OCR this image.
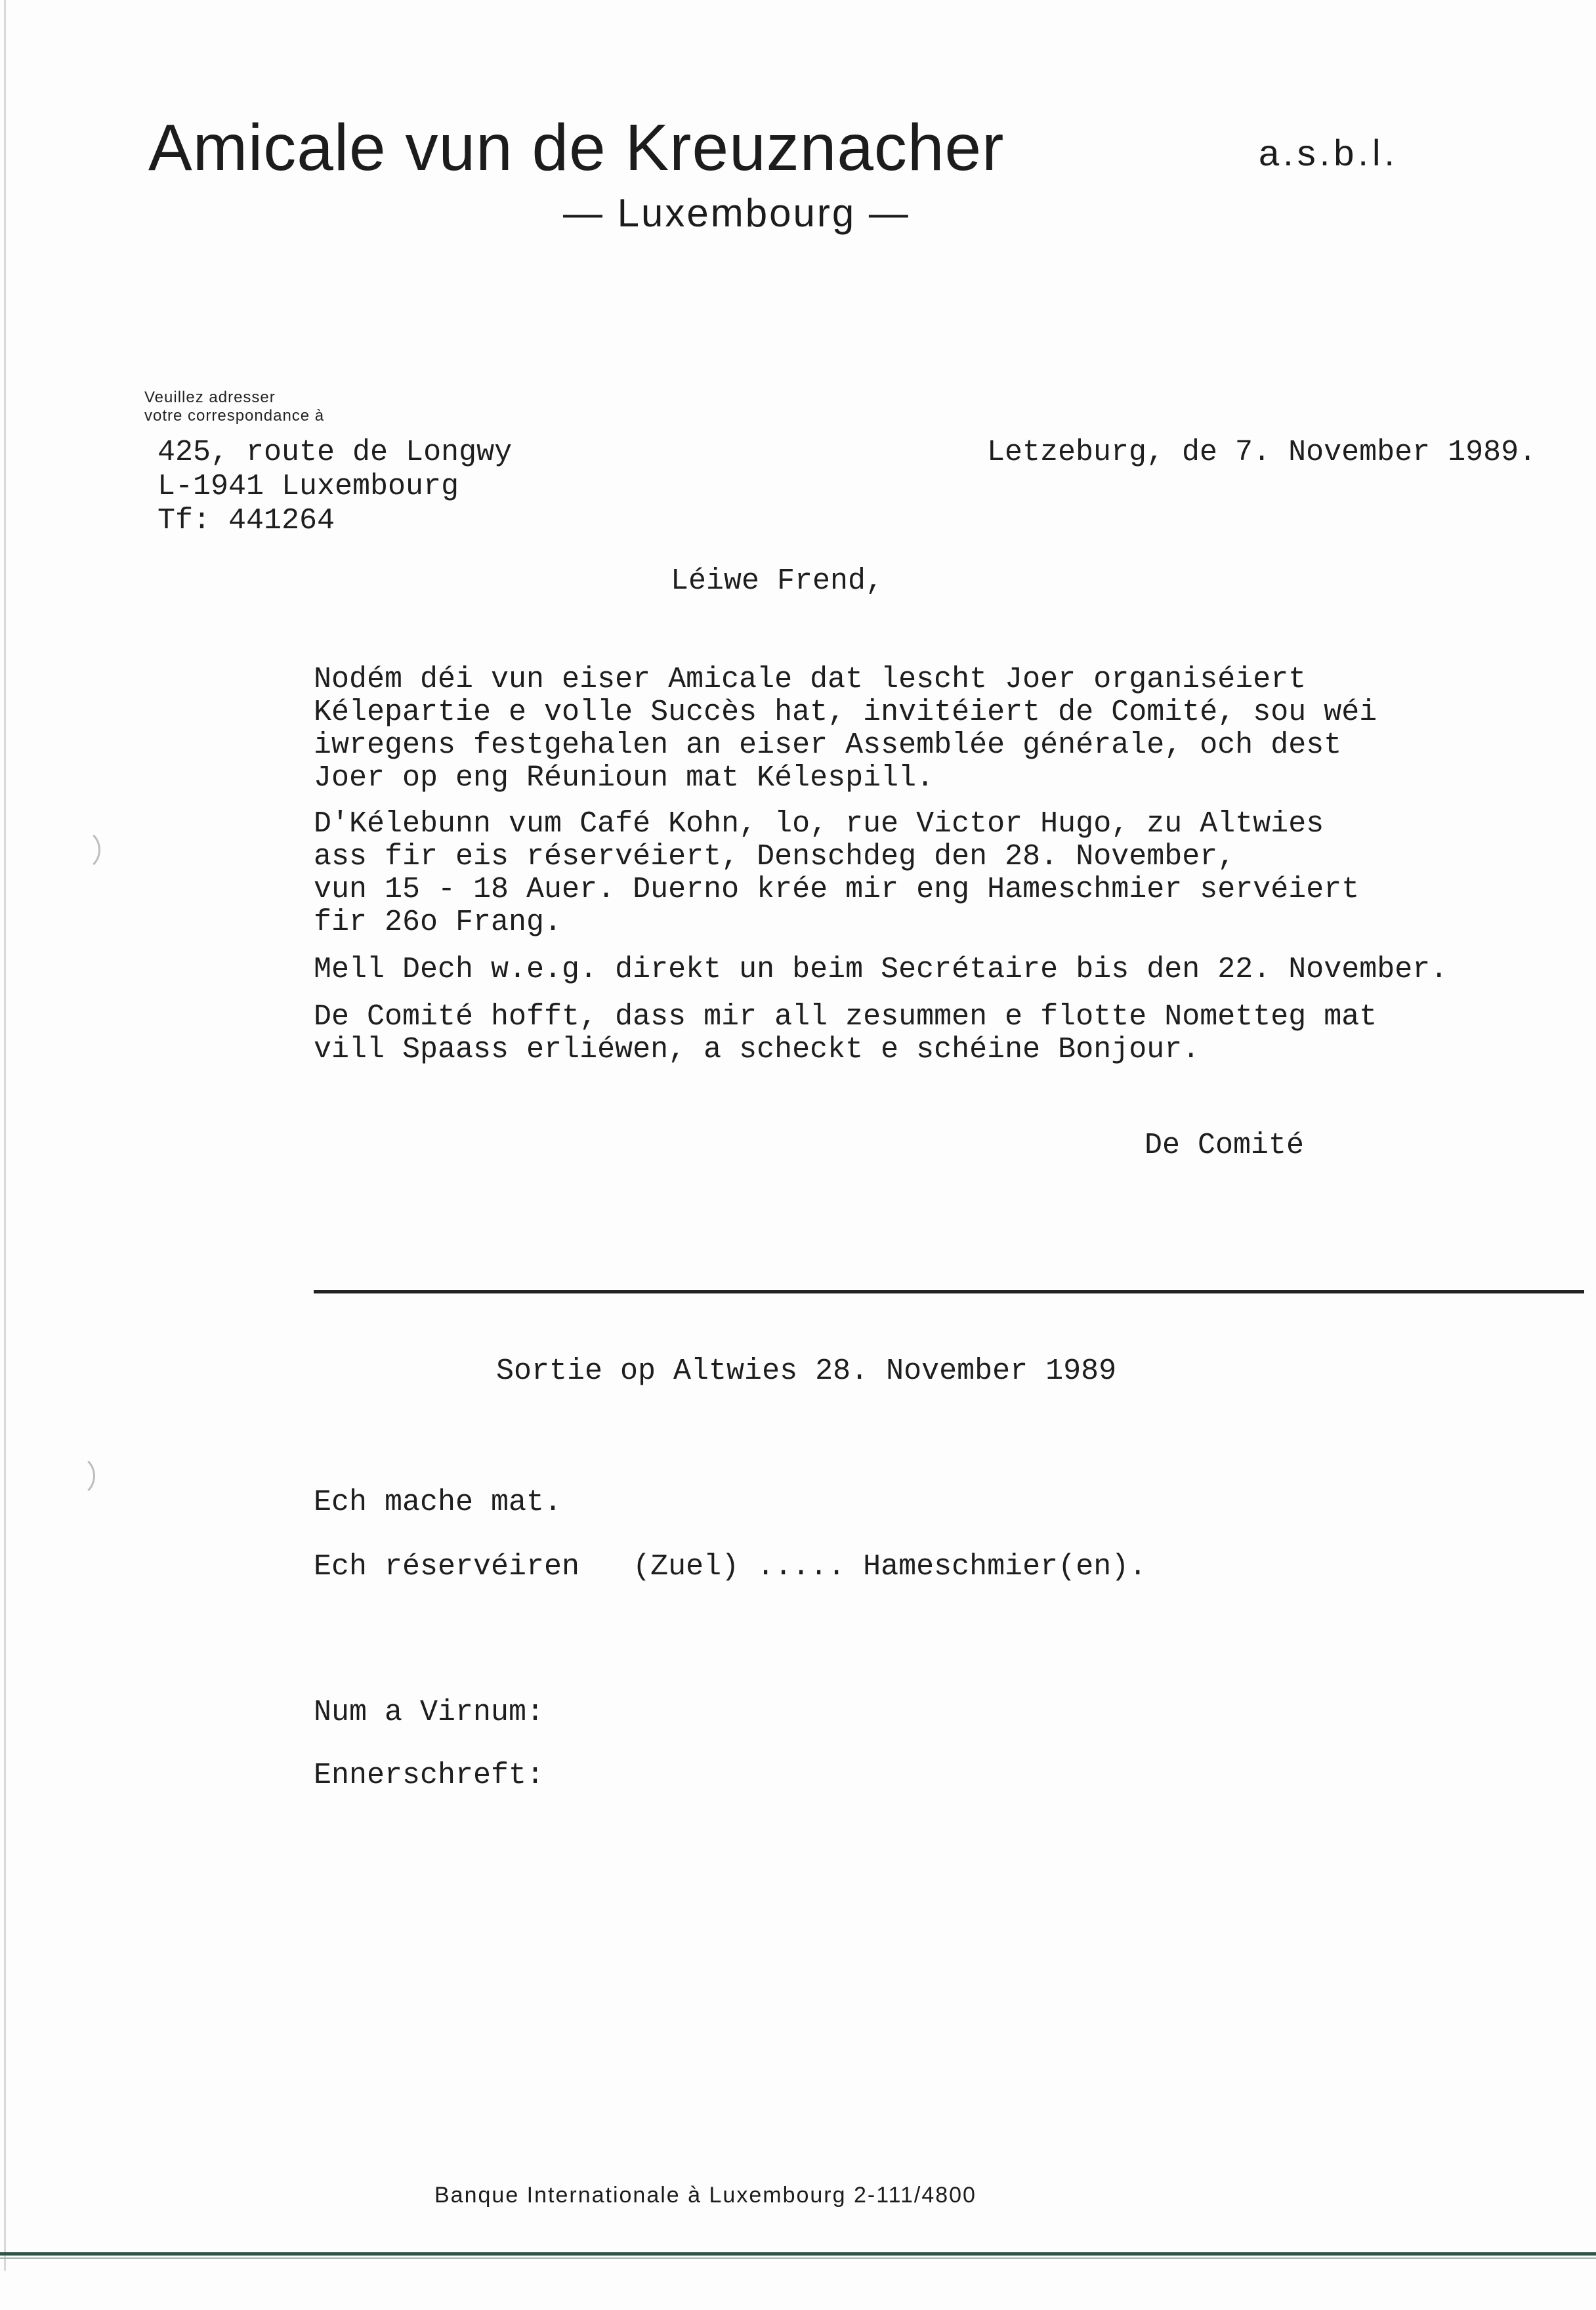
Amicale vun de Kreuznacher	a.s.b.l.
— Luxembourg —
Veuillez adresser
votre correspondance à
425, route de Longwy
L-1941 Luxembourg
Tf: 441264
Letzeburg, de 7. November 1989.
Léiwe Frend,
Nodém déi vun eiser Amicale dat lescht Joer organiséiert
Kélepartie e volle Succès hat, invitéiert de Comité, sou wéi
iwregens festgehalen an eiser Assemblée générale, och dest
Joer op eng Réunioun mat Kélespill.
D'Kélebunn vum Café Kohn, lo, rue Victor Hugo, zu Altwies
ass fir eis réservéiert, Denschdeg den 28. November,
vun 15 - 18 Auer. Duerno krée mir eng Hameschmier servéiert
fir 26o Frang.
Mell Dech w.e.g. direkt un beim Secrétaire bis den 22. November.
De Comité hofft, dass mir all zesummen e flotte Nometteg mat
vill Spaass erliéwen, a scheckt e schéine Bonjour.
De Comité
Sortie op Altwies 28. November 1989
Ech mache mat.
Ech réservéiren   (Zuel) ..... Hameschmier(en).
Num a Virnum:
Ennerschreft:
Banque Internationale à Luxembourg 2-111/4800
